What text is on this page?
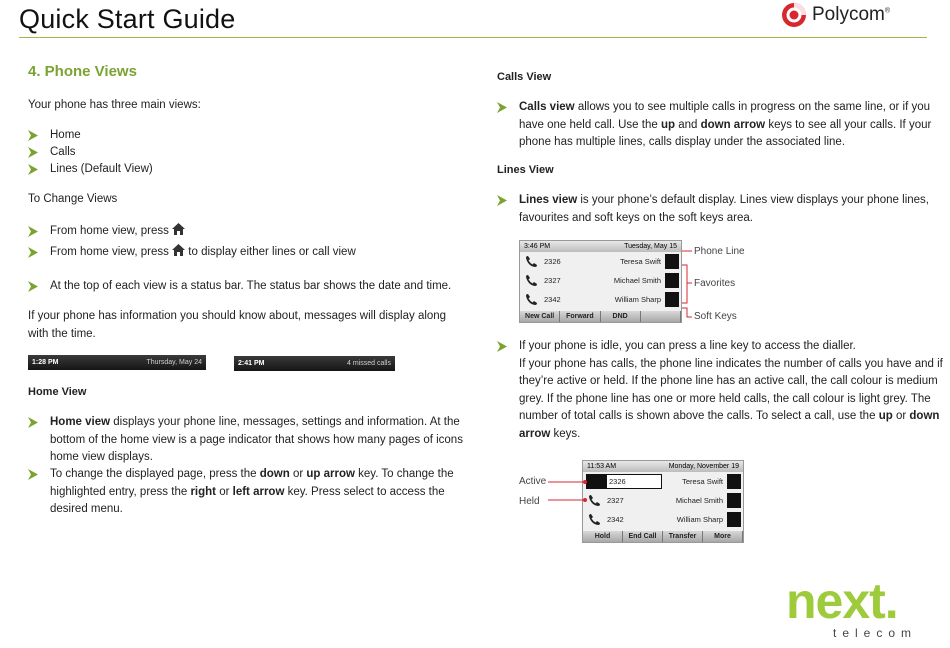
Quick Start Guide	Polycom®
4. Phone Views

Your phone has three main views:

Home
Calls
Lines (Default View)

To Change Views

From home view, press
From home view, press to display either lines or call view
At the top of each view is a status bar. The status bar shows the date and time.

If your phone has information you should know about, messages will display along with the time.

1:28 PM	Thursday, May 24	2:41 PM	4 missed calls
Home View
Home view displays your phone line, messages, settings and information. At the bottom of the home view is a page indicator that shows how many pages of icons home view displays.
To change the displayed page, press the down or up arrow key. To change the highlighted entry, press the right or left arrow key. Press select to access the desired menu.
Calls View
Calls view allows you to see multiple calls in progress on the same line, or if you have one held call. Use the up and down arrow keys to see all your calls. If your phone has multiple lines, calls display under the associated line.
Lines View
Lines view is your phone’s default display. Lines view displays your phone lines, favourites and soft keys on the soft keys area.
3:46 PM	Tuesday, May 15
2326	Teresa Swift
2327	Michael Smith
2342	William Sharp
New Call	Forward	DND
Phone Line
Favorites
Soft Keys
If your phone is idle, you can press a line key to access the dialler.
If your phone has calls, the phone line indicates the number of calls you have and if they’re active or held. If the phone line has an active call, the call colour is medium grey. If the phone line has one or more held calls, the call colour is light grey. The number of total calls is shown above the calls. To select a call, use the up or down arrow keys.
11:53 AM	Monday, November 19
2326	Teresa Swift
2327	Michael Smith
2342	William Sharp
Hold	End Call	Transfer	More
Active
Held
next.
telecom
